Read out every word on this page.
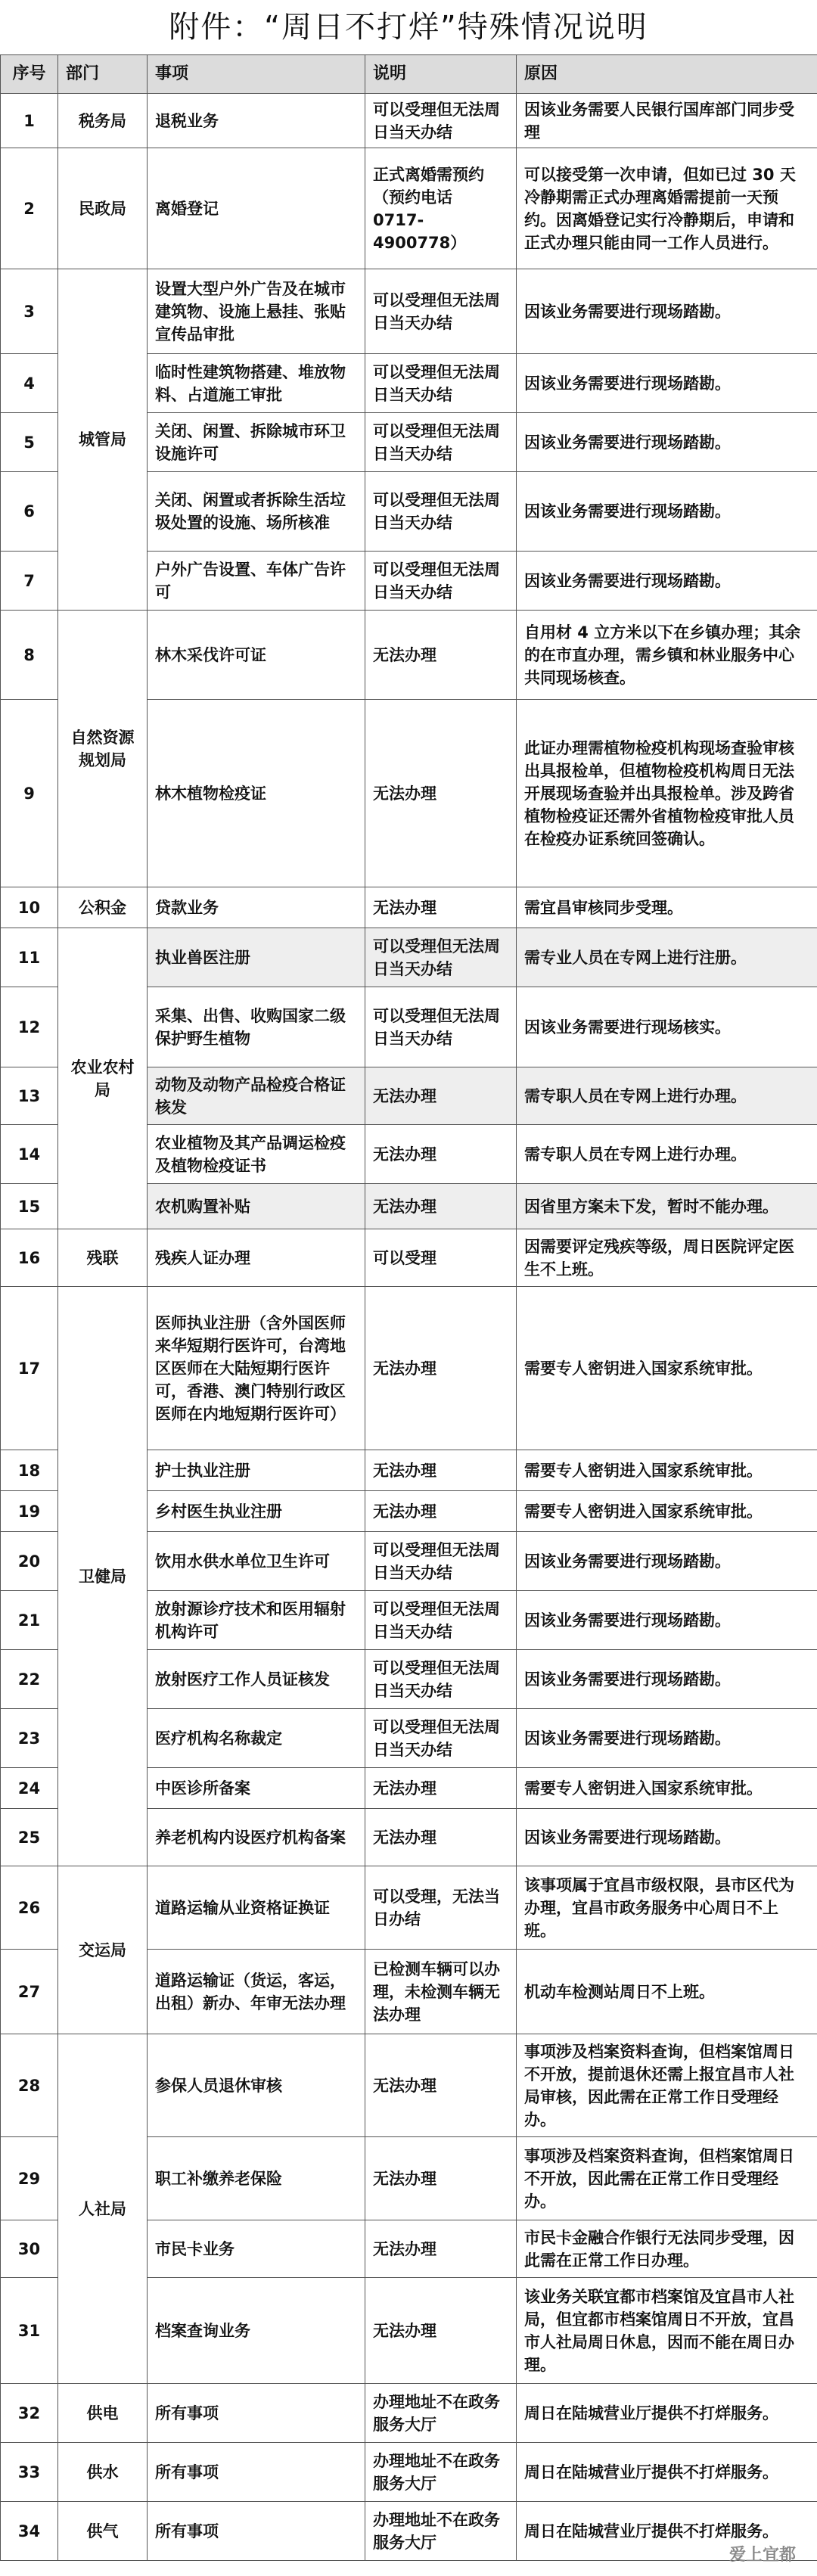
附件：“周日不打烊”特殊情况说明
序号	部门	事项	说明	原因
1	税务局	退税业务	可以受理但无法周日当天办结	因该业务需要人民银行国库部门同步受理
2	民政局	离婚登记	正式离婚需预约（预约电话 0717-4900778）	可以接受第一次申请，但如已过 30 天冷静期需正式办理离婚需提前一天预约。因离婚登记实行冷静期后，申请和正式办理只能由同一工作人员进行。
3	城管局	设置大型户外广告及在城市建筑物、设施上悬挂、张贴宣传品审批	可以受理但无法周日当天办结	因该业务需要进行现场踏勘。
4		临时性建筑物搭建、堆放物料、占道施工审批	可以受理但无法周日当天办结	因该业务需要进行现场踏勘。
5		关闭、闲置、拆除城市环卫设施许可	可以受理但无法周日当天办结	因该业务需要进行现场踏勘。
6		关闭、闲置或者拆除生活垃圾处置的设施、场所核准	可以受理但无法周日当天办结	因该业务需要进行现场踏勘。
7		户外广告设置、车体广告许可	可以受理但无法周日当天办结	因该业务需要进行现场踏勘。
8	自然资源规划局	林木采伐许可证	无法办理	自用材 4 立方米以下在乡镇办理；其余的在市直办理，需乡镇和林业服务中心共同现场核查。
9		林木植物检疫证	无法办理	此证办理需植物检疫机构现场查验审核出具报检单，但植物检疫机构周日无法开展现场查验并出具报检单。涉及跨省植物检疫证还需外省植物检疫审批人员在检疫办证系统回签确认。
10	公积金	贷款业务	无法办理	需宜昌审核同步受理。
11	农业农村局	执业兽医注册	可以受理但无法周日当天办结	需专业人员在专网上进行注册。
12		采集、出售、收购国家二级保护野生植物	可以受理但无法周日当天办结	因该业务需要进行现场核实。
13		动物及动物产品检疫合格证核发	无法办理	需专职人员在专网上进行办理。
14		农业植物及其产品调运检疫及植物检疫证书	无法办理	需专职人员在专网上进行办理。
15		农机购置补贴	无法办理	因省里方案未下发，暂时不能办理。
16	残联	残疾人证办理	可以受理	因需要评定残疾等级，周日医院评定医生不上班。
17	卫健局	医师执业注册（含外国医师来华短期行医许可，台湾地区医师在大陆短期行医许可，香港、澳门特别行政区医师在内地短期行医许可）	无法办理	需要专人密钥进入国家系统审批。
18		护士执业注册	无法办理	需要专人密钥进入国家系统审批。
19		乡村医生执业注册	无法办理	需要专人密钥进入国家系统审批。
20		饮用水供水单位卫生许可	可以受理但无法周日当天办结	因该业务需要进行现场踏勘。
21		放射源诊疗技术和医用辐射机构许可	可以受理但无法周日当天办结	因该业务需要进行现场踏勘。
22		放射医疗工作人员证核发	可以受理但无法周日当天办结	因该业务需要进行现场踏勘。
23		医疗机构名称裁定	可以受理但无法周日当天办结	因该业务需要进行现场踏勘。
24		中医诊所备案	无法办理	需要专人密钥进入国家系统审批。
25		养老机构内设医疗机构备案	无法办理	因该业务需要进行现场踏勘。
26	交运局	道路运输从业资格证换证	可以受理，无法当日办结	该事项属于宜昌市级权限，县市区代为办理，宜昌市政务服务中心周日不上班。
27		道路运输证（货运，客运，出租）新办、年审无法办理	已检测车辆可以办理，未检测车辆无法办理	机动车检测站周日不上班。
28	人社局	参保人员退休审核	无法办理	事项涉及档案资料查询，但档案馆周日不开放，提前退休还需上报宜昌市人社局审核，因此需在正常工作日受理经办。
29		职工补缴养老保险	无法办理	事项涉及档案资料查询，但档案馆周日不开放，因此需在正常工作日受理经办。
30		市民卡业务	无法办理	市民卡金融合作银行无法同步受理，因此需在正常工作日办理。
31		档案查询业务	无法办理	该业务关联宜都市档案馆及宜昌市人社局，但宜都市档案馆周日不开放，宜昌市人社局周日休息，因而不能在周日办理。
32	供电	所有事项	办理地址不在政务服务大厅	周日在陆城营业厅提供不打烊服务。
33	供水	所有事项	办理地址不在政务服务大厅	周日在陆城营业厅提供不打烊服务。
34	供气	所有事项	办理地址不在政务服务大厅	周日在陆城营业厅提供不打烊服务。
爱上宜都
